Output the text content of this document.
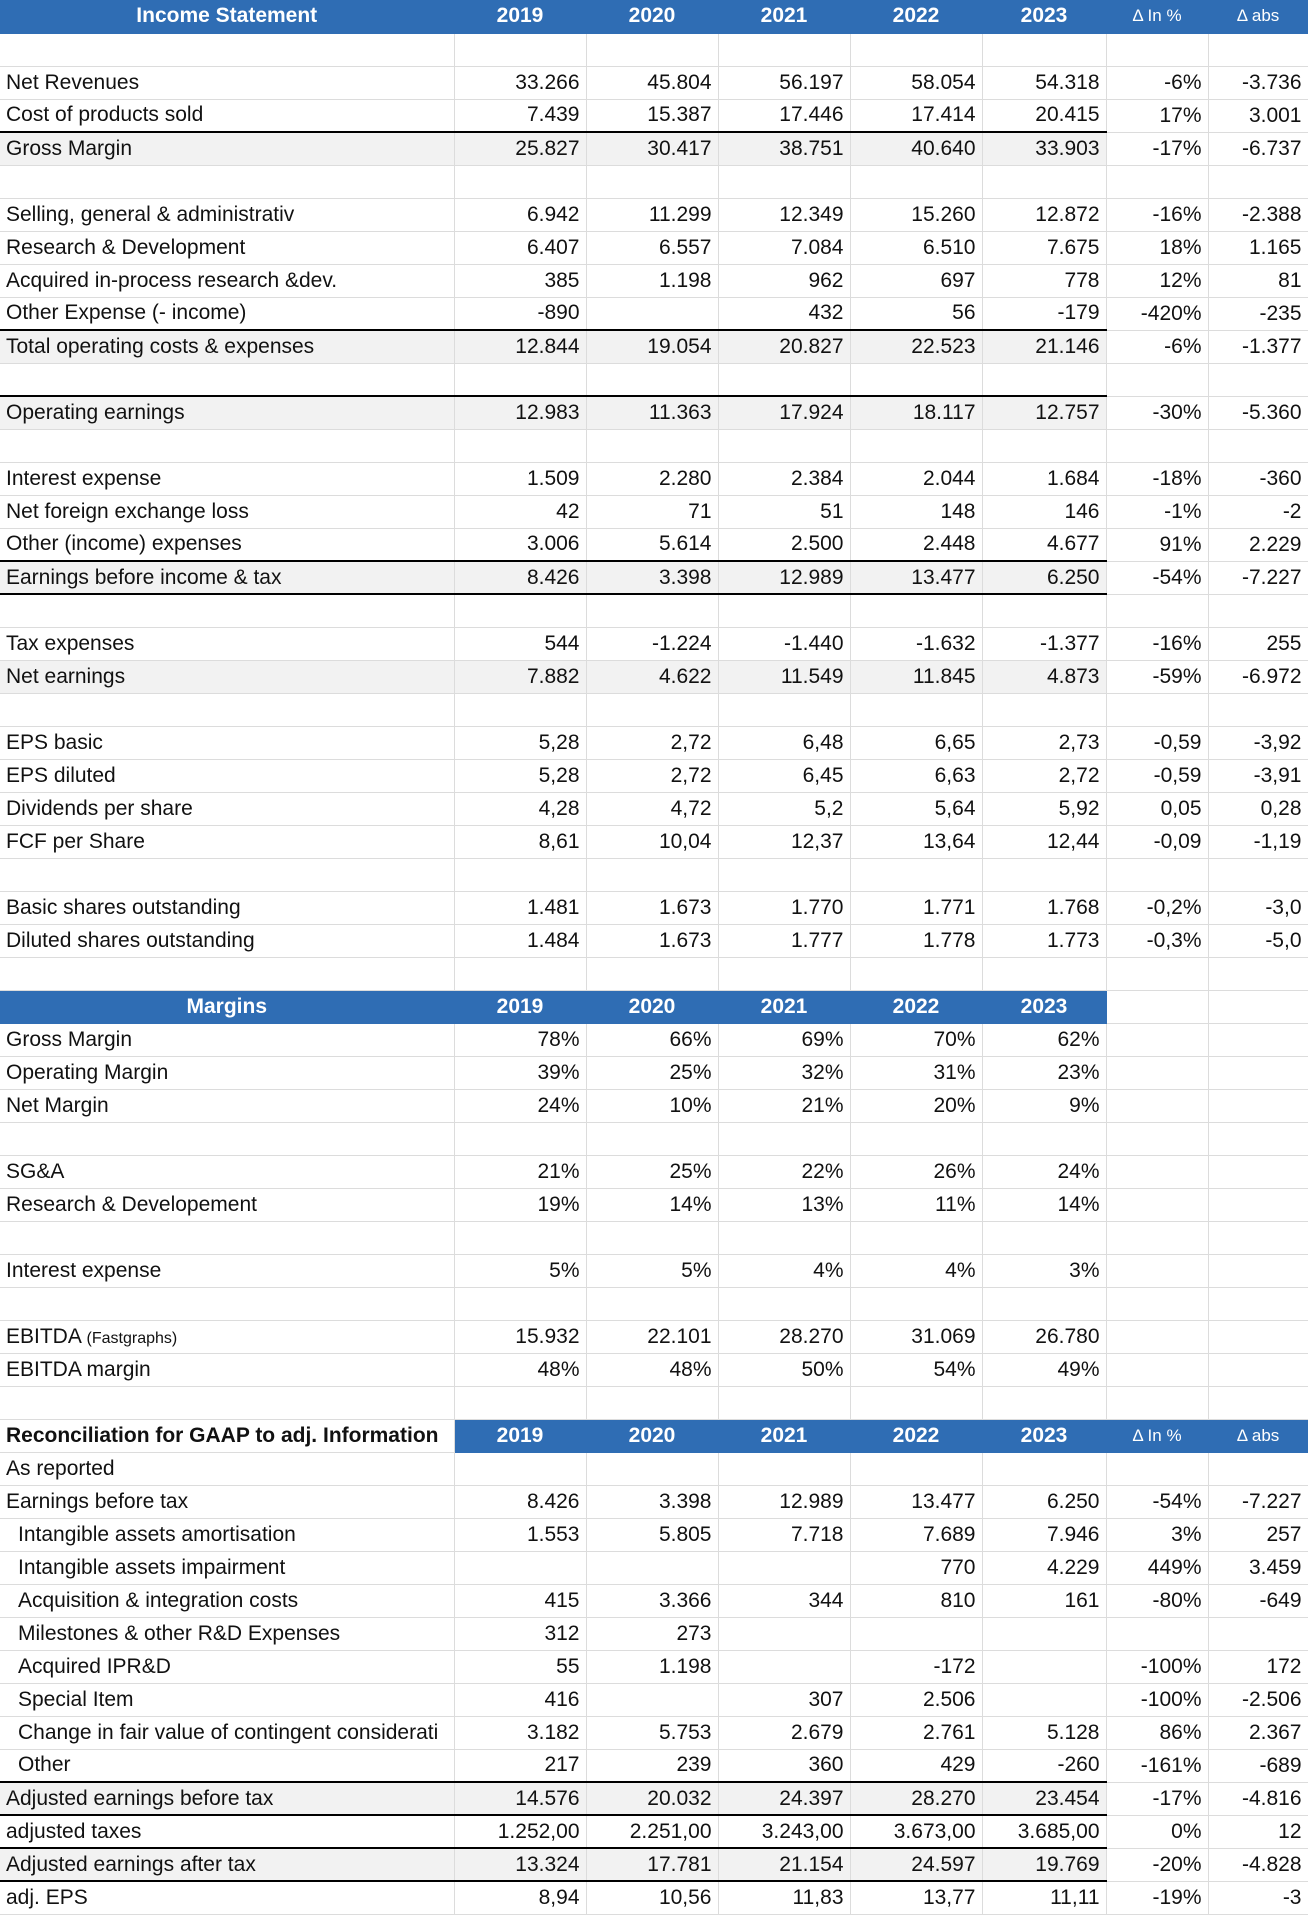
Income Statement	2019	2020	2021	2022	2023	Δ In %	Δ abs

Net Revenues	33.266	45.804	56.197	58.054	54.318	-6%	-3.736
Cost of products sold	7.439	15.387	17.446	17.414	20.415	17%	3.001
Gross Margin	25.827	30.417	38.751	40.640	33.903	-17%	-6.737

Selling, general & administrativ	6.942	11.299	12.349	15.260	12.872	-16%	-2.388
Research & Development	6.407	6.557	7.084	6.510	7.675	18%	1.165
Acquired in-process research &dev.	385	1.198	962	697	778	12%	81
Other Expense (- income)	-890		432	56	-179	-420%	-235
Total operating costs & expenses	12.844	19.054	20.827	22.523	21.146	-6%	-1.377

Operating earnings	12.983	11.363	17.924	18.117	12.757	-30%	-5.360

Interest expense	1.509	2.280	2.384	2.044	1.684	-18%	-360
Net foreign exchange loss	42	71	51	148	146	-1%	-2
Other (income) expenses	3.006	5.614	2.500	2.448	4.677	91%	2.229
Earnings before income & tax	8.426	3.398	12.989	13.477	6.250	-54%	-7.227

Tax expenses	544	-1.224	-1.440	-1.632	-1.377	-16%	255
Net earnings	7.882	4.622	11.549	11.845	4.873	-59%	-6.972

EPS basic	5,28	2,72	6,48	6,65	2,73	-0,59	-3,92
EPS diluted	5,28	2,72	6,45	6,63	2,72	-0,59	-3,91
Dividends per share	4,28	4,72	5,2	5,64	5,92	0,05	0,28
FCF per Share	8,61	10,04	12,37	13,64	12,44	-0,09	-1,19

Basic shares outstanding	1.481	1.673	1.770	1.771	1.768	-0,2%	-3,0
Diluted shares outstanding	1.484	1.673	1.777	1.778	1.773	-0,3%	-5,0

Margins	2019	2020	2021	2022	2023		
Gross Margin	78%	66%	69%	70%	62%		
Operating Margin	39%	25%	32%	31%	23%		
Net Margin	24%	10%	21%	20%	9%		

SG&A	21%	25%	22%	26%	24%		
Research & Developement	19%	14%	13%	11%	14%		

Interest expense	5%	5%	4%	4%	3%		

EBITDA (Fastgraphs)	15.932	22.101	28.270	31.069	26.780		
EBITDA margin	48%	48%	50%	54%	49%		

Reconciliation for GAAP to adj. Information	2019	2020	2021	2022	2023	Δ In %	Δ abs
As reported							
Earnings before tax	8.426	3.398	12.989	13.477	6.250	-54%	-7.227
Intangible assets amortisation	1.553	5.805	7.718	7.689	7.946	3%	257
Intangible assets impairment				770	4.229	449%	3.459
Acquisition & integration costs	415	3.366	344	810	161	-80%	-649
Milestones & other R&D Expenses	312	273					
Acquired IPR&D	55	1.198		-172		-100%	172
Special Item	416		307	2.506		-100%	-2.506
Change in fair value of contingent considerati	3.182	5.753	2.679	2.761	5.128	86%	2.367
Other	217	239	360	429	-260	-161%	-689
Adjusted earnings before tax	14.576	20.032	24.397	28.270	23.454	-17%	-4.816
adjusted taxes	1.252,00	2.251,00	3.243,00	3.673,00	3.685,00	0%	12
Adjusted earnings after tax	13.324	17.781	21.154	24.597	19.769	-20%	-4.828
adj. EPS	8,94	10,56	11,83	13,77	11,11	-19%	-3
